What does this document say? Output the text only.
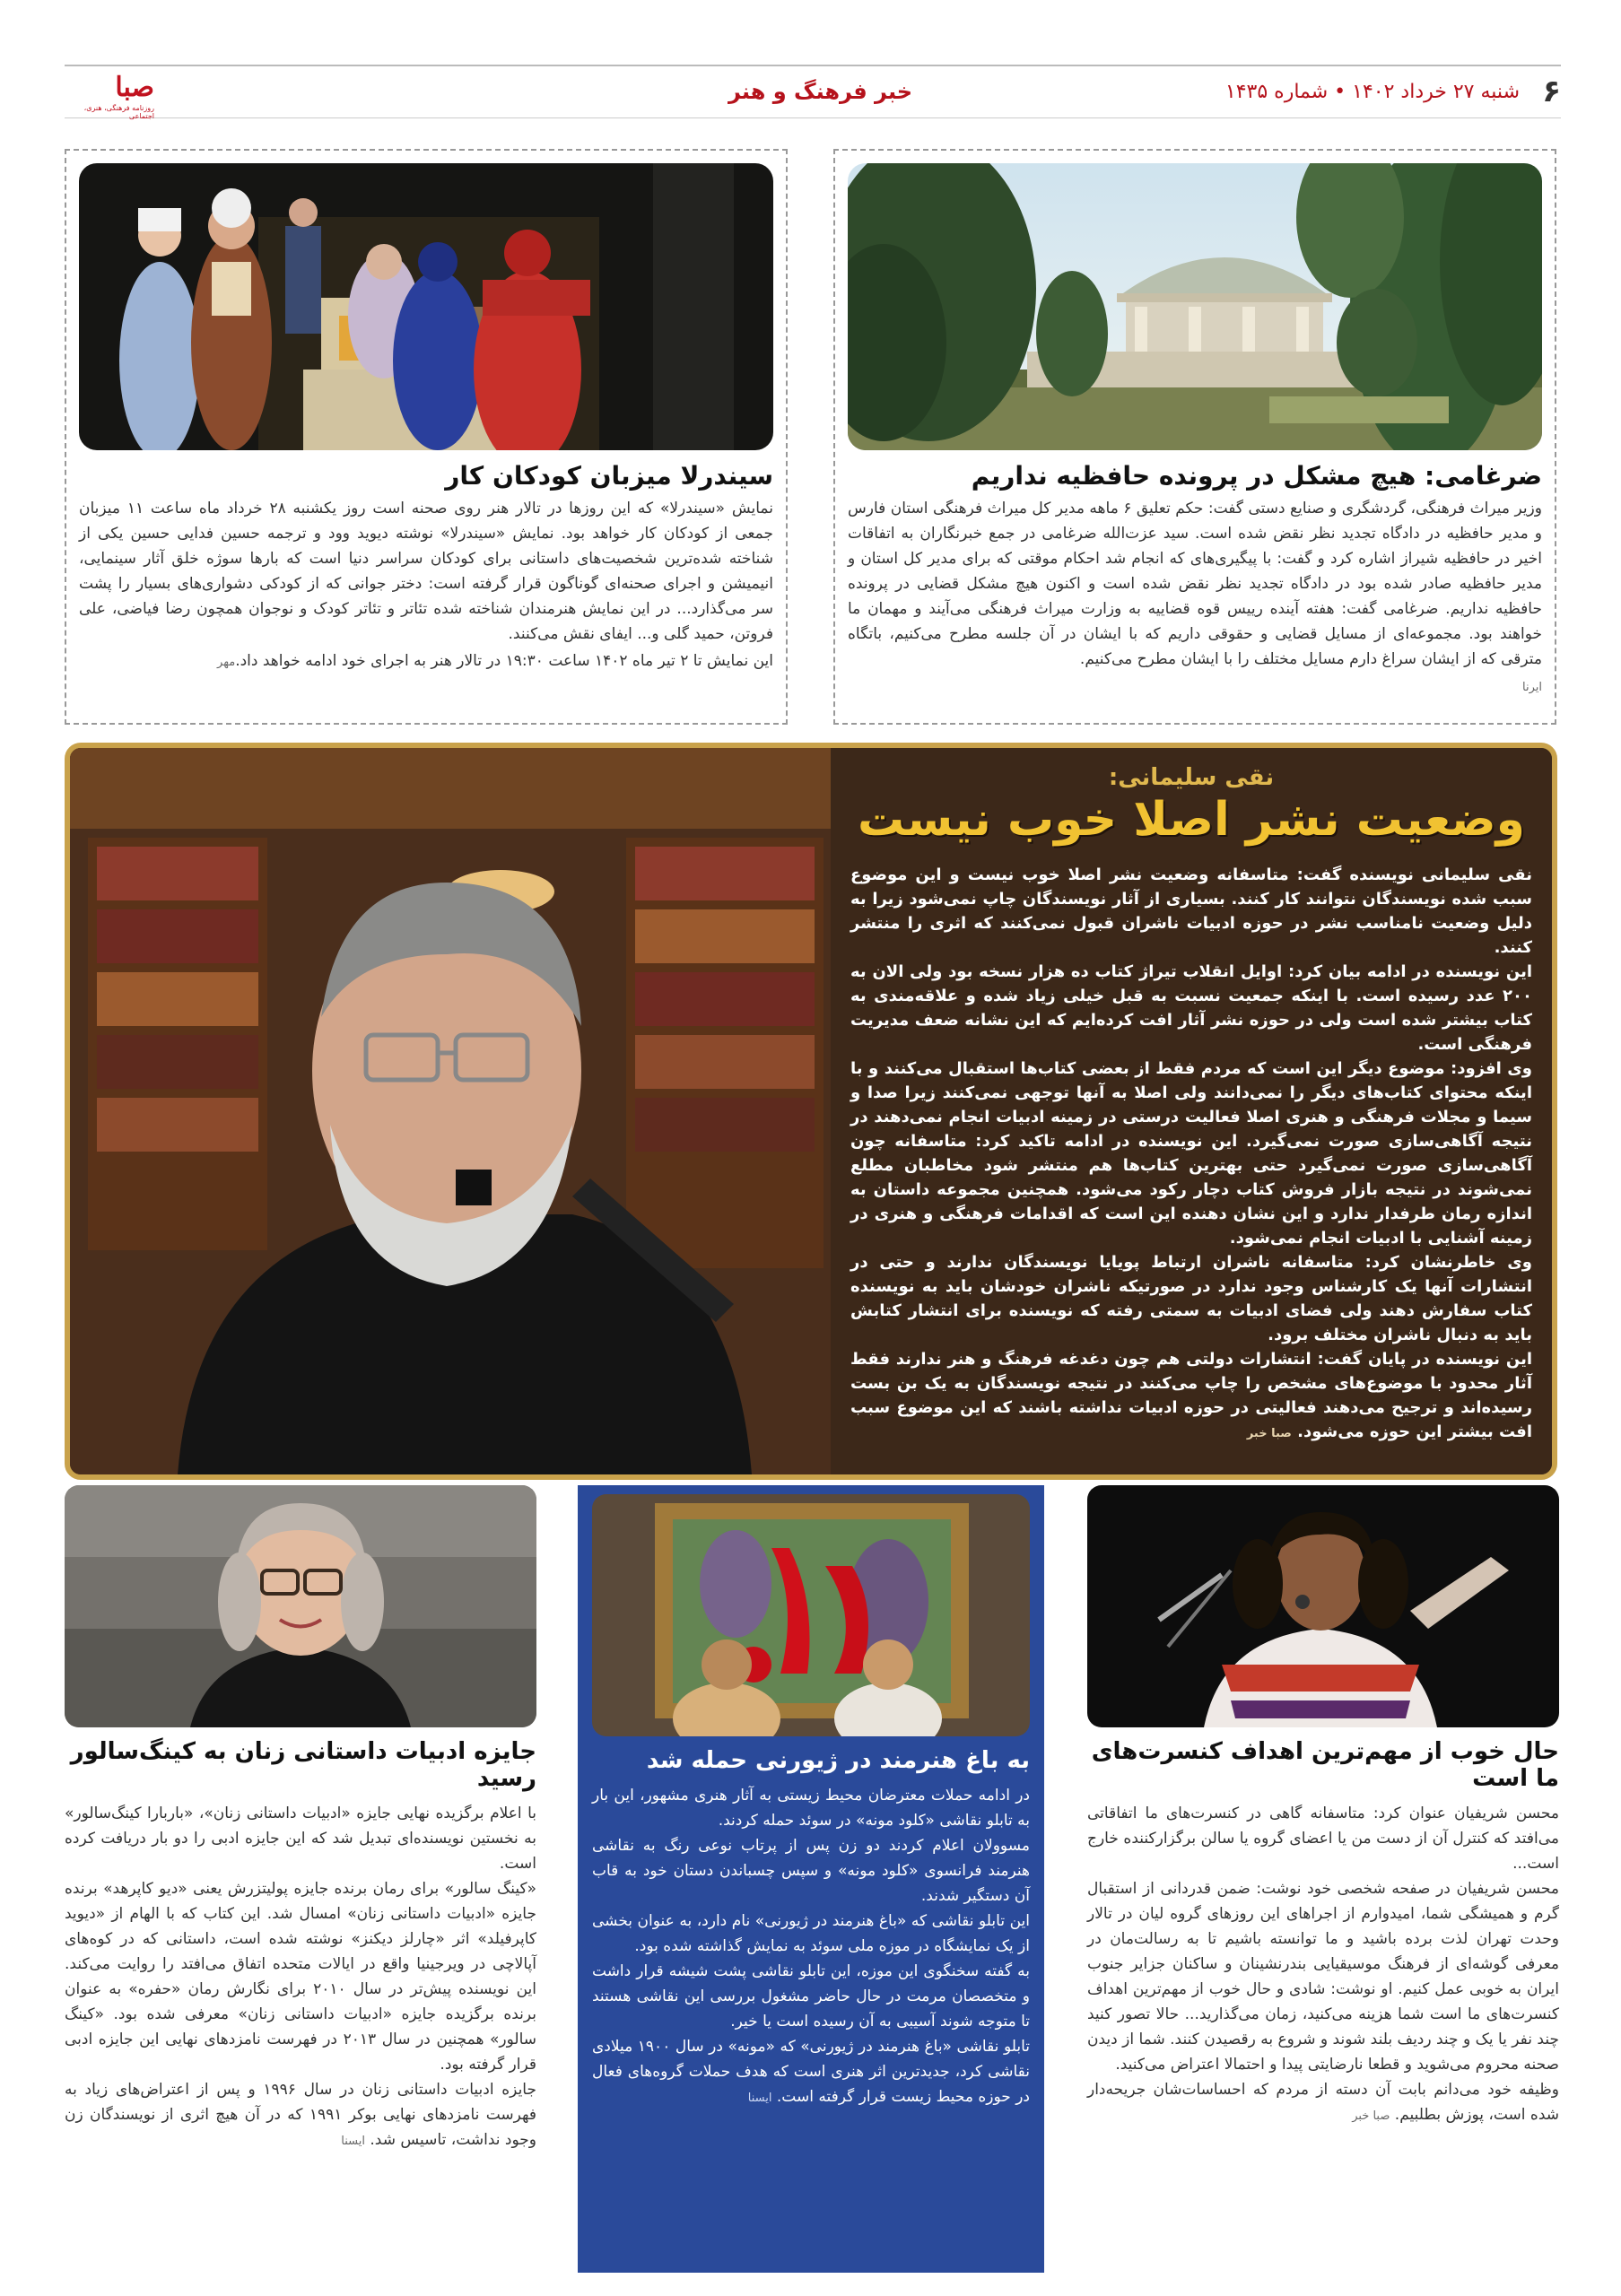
۶
شنبه ۲۷ خرداد ۱۴۰۲ • شماره ۱۴۳۵
خبر فرهنگ و هنر
صبا
روزنامه فرهنگی، هنری، اجتماعی
ضرغامی: هیچ مشکل در پرونده حافظیه نداریم

وزیر میراث فرهنگی، گردشگری و صنایع دستی گفت: حکم تعلیق ۶ ماهه مدیر کل میراث فرهنگی استان فارس و مدیر حافظیه در دادگاه تجدید نظر نقض شده است. سید عزت‌الله ضرغامی در جمع خبرنگاران به اتفاقات اخیر در حافظیه شیراز اشاره کرد و گفت: با پیگیری‌های که انجام شد احکام موقتی که برای مدیر کل استان و مدیر حافظیه صادر شده بود در دادگاه تجدید نظر نقض شده است و اکنون هیچ مشکل قضایی در پرونده حافظیه نداریم. ضرغامی گفت: هفته آینده رییس قوه قضاییه به وزارت میراث فرهنگی می‌آیند و مهمان ما خواهند بود. مجموعه‌ای از مسایل قضایی و حقوقی داریم که با ایشان در آن جلسه مطرح می‌کنیم، باتگاه مترقی که از ایشان سراغ دارم مسایل مختلف را با ایشان مطرح می‌کنیم.

ایرنا
سیندرلا میزبان کودکان کار

نمایش «سیندرلا» که این روزها در تالار هنر روی صحنه است روز یکشنبه ۲۸ خرداد ماه ساعت ۱۱ میزبان جمعی از کودکان کار خواهد بود. نمایش «سیندرلا» نوشته دیوید وود و ترجمه حسین فدایی حسین یکی از شناخته شده‌ترین شخصیت‌های داستانی برای کودکان سراسر دنیا است که بارها سوژه خلق آثار سینمایی، انیمیشن و اجرای صحنه‌ای گوناگون قرار گرفته است: دختر جوانی که از کودکی دشواری‌های بسیار را پشت سر می‌گذارد... در این نمایش هنرمندان شناخته شده تئاتر و تئاتر کودک و نوجوان همچون رضا فیاضی، علی فروتن، حمید گلی و... ایفای نقش می‌کنند.

این نمایش تا ۲ تیر ماه ۱۴۰۲ ساعت ۱۹:۳۰ در تالار هنر به اجرای خود ادامه خواهد داد.مهر

نقی سلیمانی:
وضعیت نشر اصلا خوب نیست

نقی سلیمانی نویسنده گفت: متاسفانه وضعیت نشر اصلا خوب نیست و این موضوع سبب شده نویسندگان نتوانند کار کنند. بسیاری از آثار نویسندگان چاپ نمی‌شود زیرا به دلیل وضعیت نامناسب نشر در حوزه ادبیات ناشران قبول نمی‌کنند که اثری را منتشر کنند.

این نویسنده در ادامه بیان کرد: اوایل انقلاب تیراژ کتاب ده هزار نسخه بود ولی الان به ۲۰۰ عدد رسیده است. با اینکه جمعیت نسبت به قبل خیلی زیاد شده و علاقه‌مندی به کتاب بیشتر شده است ولی در حوزه نشر آثار افت کرده‌ایم که این نشانه ضعف مدیریت فرهنگی است.

وی افزود: موضوع دیگر این است که مردم فقط از بعضی کتاب‌ها استقبال می‌کنند و با اینکه محتوای کتاب‌های دیگر را نمی‌دانند ولی اصلا به آنها توجهی نمی‌کنند زیرا صدا و سیما و مجلات فرهنگی و هنری اصلا فعالیت درستی در زمینه ادبیات انجام نمی‌دهند در نتیجه آگاهی‌سازی صورت نمی‌گیرد. این نویسنده در ادامه تاکید کرد: متاسفانه چون آگاهی‌سازی صورت نمی‌گیرد حتی بهترین کتاب‌ها هم منتشر شود مخاطبان مطلع نمی‌شوند در نتیجه بازار فروش کتاب دچار رکود می‌شود. همچنین مجموعه داستان به اندازه رمان طرفدار ندارد و این نشان دهنده این است که اقدامات فرهنگی و هنری در زمینه آشنایی با ادبیات انجام نمی‌شود.

وی خاطرنشان کرد: متاسفانه ناشران ارتباط پویایا نویسندگان ندارند و حتی در انتشارات آنها یک کارشناس وجود ندارد در صورتیکه ناشران خودشان باید به نویسنده کتاب سفارش دهند ولی فضای ادبیات به سمتی رفته که نویسنده برای انتشار کتابش باید به دنبال ناشران مختلف برود.

این نویسنده در پایان گفت: انتشارات دولتی هم چون دغدغه فرهنگ و هنر ندارند فقط آثار محدود با موضوع‌های مشخص را چاپ می‌کنند در نتیجه نویسندگان به یک بن بست رسیده‌اند و ترجیح می‌دهند فعالیتی در حوزه ادبیات نداشته باشند که این موضوع سبب افت بیشتر این حوزه می‌شود. صبا خبر

حال خوب از مهم‌ترین اهداف کنسرت‌های ما است

محسن شریفیان عنوان کرد: متاسفانه گاهی در کنسرت‌های ما اتفاقاتی می‌افتد که کنترل آن از دست من یا اعضای گروه یا سالن برگزارکننده خارج است...

محسن شریفیان در صفحه شخصی خود نوشت: ضمن قدردانی از استقبال گرم و همیشگی شما، امیدوارم از اجراهای این روزهای گروه لیان در تالار وحدت تهران لذت برده باشید و ما توانسته باشیم تا به رسالت‌مان در معرفی گوشه‌ای از فرهنگ موسیقیایی بندرنشینان و ساکنان جزایر جنوب ایران به خوبی عمل کنیم. او نوشت: شادی و حال خوب از مهم‌ترین اهداف کنسرت‌های ما است شما هزینه می‌کنید، زمان می‌گذارید... حالا تصور کنید چند نفر یا یک و چند ردیف بلند شوند و شروع به رقصیدن کنند. شما از دیدن صحنه محروم می‌شوید و قطعا نارضایتی پیدا و احتمالا اعتراض می‌کنید.

وظیفه خود می‌دانم بابت آن دسته از مردم که احساسات‌شان جریحه‌دار شده است، پوزش بطلبیم. صبا خبر

به باغ هنرمند در ژیورنی حمله شد

در ادامه حملات معترضان محیط زیستی به آثار هنری مشهور، این بار به تابلو نقاشی «کلود مونه» در سوئد حمله کردند.

مسوولان اعلام کردند دو زن پس از پرتاب نوعی رنگ به نقاشی هنرمند فرانسوی «کلود مونه» و سپس چسباندن دستان خود به قاب آن دستگیر شدند.

این تابلو نقاشی که «باغ هنرمند در ژیورنی» نام دارد، به عنوان بخشی از یک نمایشگاه در موزه ملی سوئد به نمایش گذاشته شده بود.

به گفته سخنگوی این موزه، این تابلو نقاشی پشت شیشه قرار داشت و متخصصان مرمت در حال حاضر مشغول بررسی این نقاشی هستند تا متوجه شوند آسیبی به آن رسیده است یا خیر.

تابلو نقاشی «باغ هنرمند در ژیورنی» که «مونه» در سال ۱۹۰۰ میلادی نقاشی کرد، جدیدترین اثر هنری است که هدف حملات گروه‌های فعال در حوزه محیط زیست قرار گرفته است. ایسنا

جایزه ادبیات داستانی زنان به کینگ‌سالور رسید

با اعلام برگزیده نهایی جایزه «ادبیات داستانی زنان»، «باربارا کینگ‌سالور» به نخستین نویسنده‌ای تبدیل شد که این جایزه ادبی را دو بار دریافت کرده است.

«کینگ سالور» برای رمان برنده جایزه پولیتزرش یعنی «دیو کاپرهد» برنده جایزه «ادبیات داستانی زنان» امسال شد. این کتاب که با الهام از «دیوید کاپرفیلد» اثر «چارلز دیکنز» نوشته شده است، داستانی که در کوه‌های آپالاچی در ویرجینیا واقع در ایالات متحده اتفاق می‌افتد را روایت می‌کند. این نویسنده پیش‌تر در سال ۲۰۱۰ برای نگارش رمان «حفره» به عنوان برنده برگزیده جایزه «ادبیات داستانی زنان» معرفی شده بود. «کینگ سالور» همچنین در سال ۲۰۱۳ در فهرست نامزدهای نهایی این جایزه ادبی قرار گرفته بود.

جایزه ادبیات داستانی زنان در سال ۱۹۹۶ و پس از اعتراض‌های زیاد به فهرست نامزدهای نهایی بوکر ۱۹۹۱ که در آن هیچ اثری از نویسندگان زن وجود نداشت، تاسیس شد. ایسنا
